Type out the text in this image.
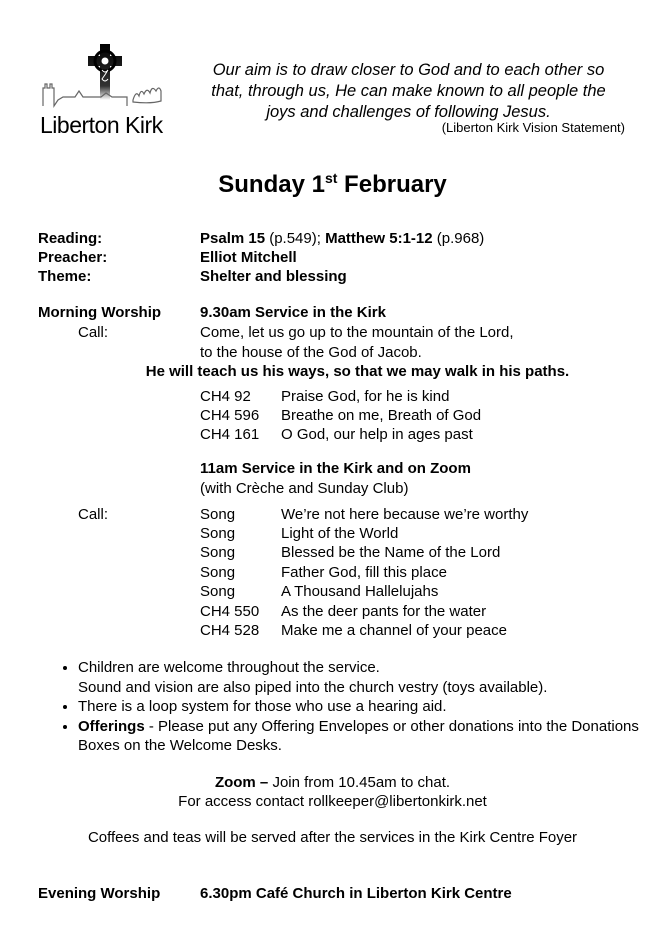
Liberton Kirk
Our aim is to draw closer to God and to each other so
that, through us, He can make known to all people the
joys and challenges of following Jesus.
(Liberton Kirk Vision Statement)
Sunday 1st February
Reading:	Psalm 15 (p.549); Matthew 5:1-12 (p.968)
Preacher:	Elliot Mitchell
Theme:	Shelter and blessing
Morning Worship	9.30am Service in the Kirk
Call:	Come, let us go up to the mountain of the Lord,
to the house of the God of Jacob.
He will teach us his ways, so that we may walk in his paths.
CH4 92 Praise God, for he is kind
CH4 596 Breathe on me, Breath of God
CH4 161 O God, our help in ages past
11am Service in the Kirk and on Zoom
(with Crèche and Sunday Club)
Call:	Song	We’re not here because we’re worthy
Song	Light of the World
Song	Blessed be the Name of the Lord
Song	Father God, fill this place
Song	A Thousand Hallelujahs
CH4 550 As the deer pants for the water
CH4 528 Make me a channel of your peace
• Children are welcome throughout the service.
Sound and vision are also piped into the church vestry (toys available).
• There is a loop system for those who use a hearing aid.
• Offerings - Please put any Offering Envelopes or other donations into the Donations Boxes on the Welcome Desks.
Zoom – Join from 10.45am to chat.
For access contact rollkeeper@libertonkirk.net
Coffees and teas will be served after the services in the Kirk Centre Foyer
Evening Worship	6.30pm Café Church in Liberton Kirk Centre
